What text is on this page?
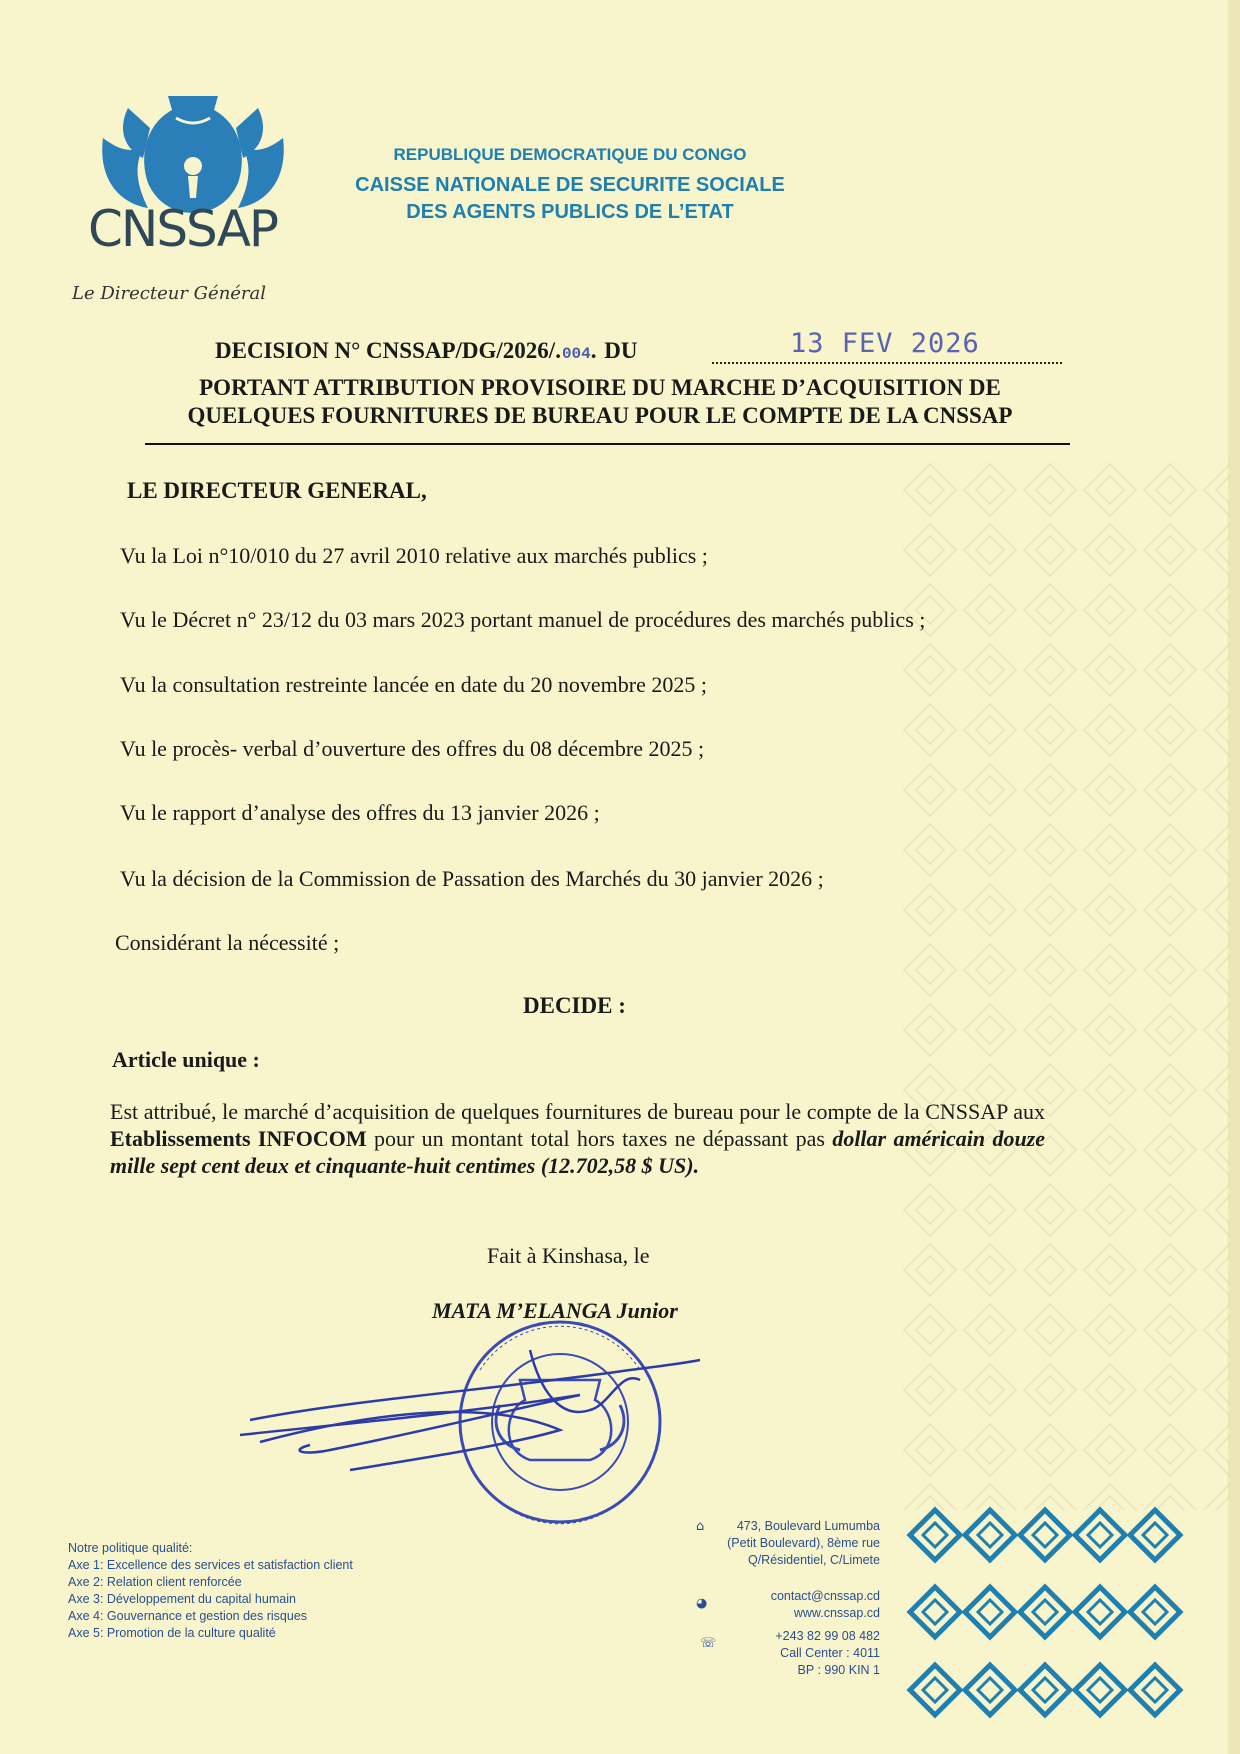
CNSSAP
Le Directeur Général
REPUBLIQUE DEMOCRATIQUE DU CONGO
CAISSE NATIONALE DE SECURITE SOCIALE
DES AGENTS PUBLICS DE L’ETAT
DECISION N° CNSSAP/DG/2026/.004. DU	13 FEV 2026
PORTANT ATTRIBUTION PROVISOIRE DU MARCHE D’ACQUISITION DE
QUELQUES FOURNITURES DE BUREAU POUR LE COMPTE DE LA CNSSAP
LE DIRECTEUR GENERAL,
Vu la Loi n°10/010 du 27 avril 2010 relative aux marchés publics ;
Vu le Décret n° 23/12 du 03 mars 2023 portant manuel de procédures des marchés publics ;
Vu la consultation restreinte lancée en date du 20 novembre 2025 ;
Vu le procès- verbal d’ouverture des offres du 08 décembre 2025 ;
Vu le rapport d’analyse des offres du 13 janvier 2026 ;
Vu la décision de la Commission de Passation des Marchés du 30 janvier 2026 ;
Considérant la nécessité ;
DECIDE :
Article unique :
Est attribué, le marché d’acquisition de quelques fournitures de bureau pour le compte de la CNSSAP aux Etablissements INFOCOM pour un montant total hors taxes ne dépassant pas dollar américain douze mille sept cent deux et cinquante-huit centimes (12.702,58 $ US).
Fait à Kinshasa, le
MATA M’ELANGA Junior
Notre politique qualité:
Axe 1: Excellence des services et satisfaction client
Axe 2: Relation client renforcée
Axe 3: Développement du capital humain
Axe 4: Gouvernance et gestion des risques
Axe 5: Promotion de la culture qualité
473, Boulevard Lumumba
(Petit Boulevard), 8ème rue
Q/Résidentiel, C/Limete
contact@cnssap.cd
www.cnssap.cd
+243 82 99 08 482
Call Center : 4011
BP : 990 KIN 1
⌂
◕
☏
